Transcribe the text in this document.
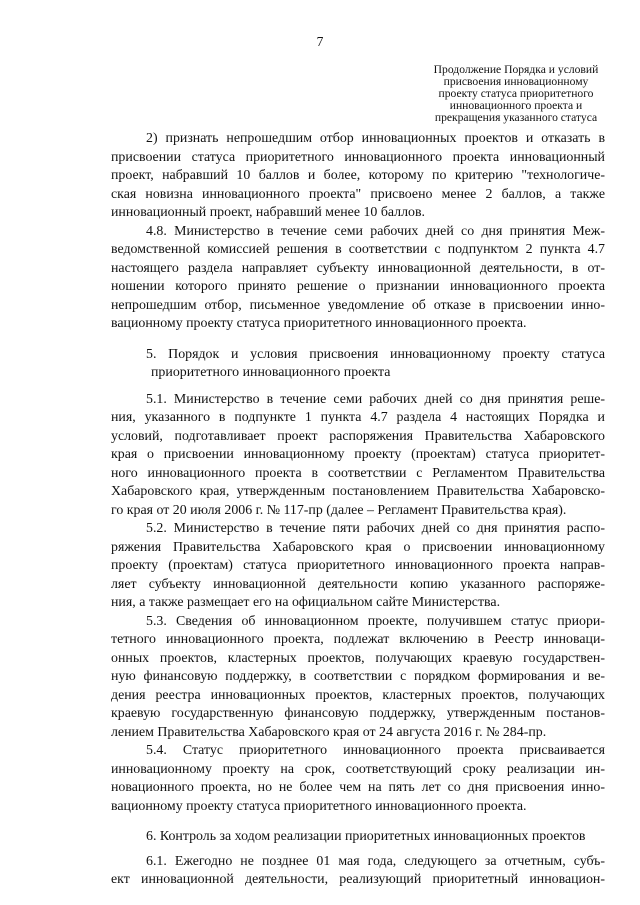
7
Продолжение Порядка и условий
присвоения инновационному
проекту статуса приоритетного
инновационного проекта и
прекращения указанного статуса
2) признать непрошедшим отбор инновационных проектов и отказать в
присвоении статуса приоритетного инновационного проекта инновационный
проект, набравший 10 баллов и более, которому по критерию "технологиче-
ская новизна инновационного проекта" присвоено менее 2 баллов, а также
инновационный проект, набравший менее 10 баллов.
4.8. Министерство в течение семи рабочих дней со дня принятия Меж-
ведомственной комиссией решения в соответствии с подпунктом 2 пункта 4.7
настоящего раздела направляет субъекту инновационной деятельности, в от-
ношении которого принято решение о признании инновационного проекта
непрошедшим отбор, письменное уведомление об отказе в присвоении инно-
вационному проекту статуса приоритетного инновационного проекта.
5. Порядок и условия присвоения инновационному проекту статуса
приоритетного инновационного проекта
5.1. Министерство в течение семи рабочих дней со дня принятия реше-
ния, указанного в подпункте 1 пункта 4.7 раздела 4 настоящих Порядка и
условий, подготавливает проект распоряжения Правительства Хабаровского
края о присвоении инновационному проекту (проектам) статуса приоритет-
ного инновационного проекта в соответствии с Регламентом Правительства
Хабаровского края, утвержденным постановлением Правительства Хабаровско-
го края от 20 июля 2006 г. № 117-пр (далее – Регламент Правительства края).
5.2. Министерство в течение пяти рабочих дней со дня принятия распо-
ряжения Правительства Хабаровского края о присвоении инновационному
проекту (проектам) статуса приоритетного инновационного проекта направ-
ляет субъекту инновационной деятельности копию указанного распоряже-
ния, а также размещает его на официальном сайте Министерства.
5.3. Сведения об инновационном проекте, получившем статус приори-
тетного инновационного проекта, подлежат включению в Реестр инноваци-
онных проектов, кластерных проектов, получающих краевую государствен-
ную финансовую поддержку, в соответствии с порядком формирования и ве-
дения реестра инновационных проектов, кластерных проектов, получающих
краевую государственную финансовую поддержку, утвержденным постанов-
лением Правительства Хабаровского края от 24 августа 2016 г. № 284-пр.
5.4. Статус приоритетного инновационного проекта присваивается
инновационному проекту на срок, соответствующий сроку реализации ин-
новационного проекта, но не более чем на пять лет со дня присвоения инно-
вационному проекту статуса приоритетного инновационного проекта.
6. Контроль за ходом реализации приоритетных инновационных проектов
6.1. Ежегодно не позднее 01 мая года, следующего за отчетным, субъ-
ект инновационной деятельности, реализующий приоритетный инновацион-
